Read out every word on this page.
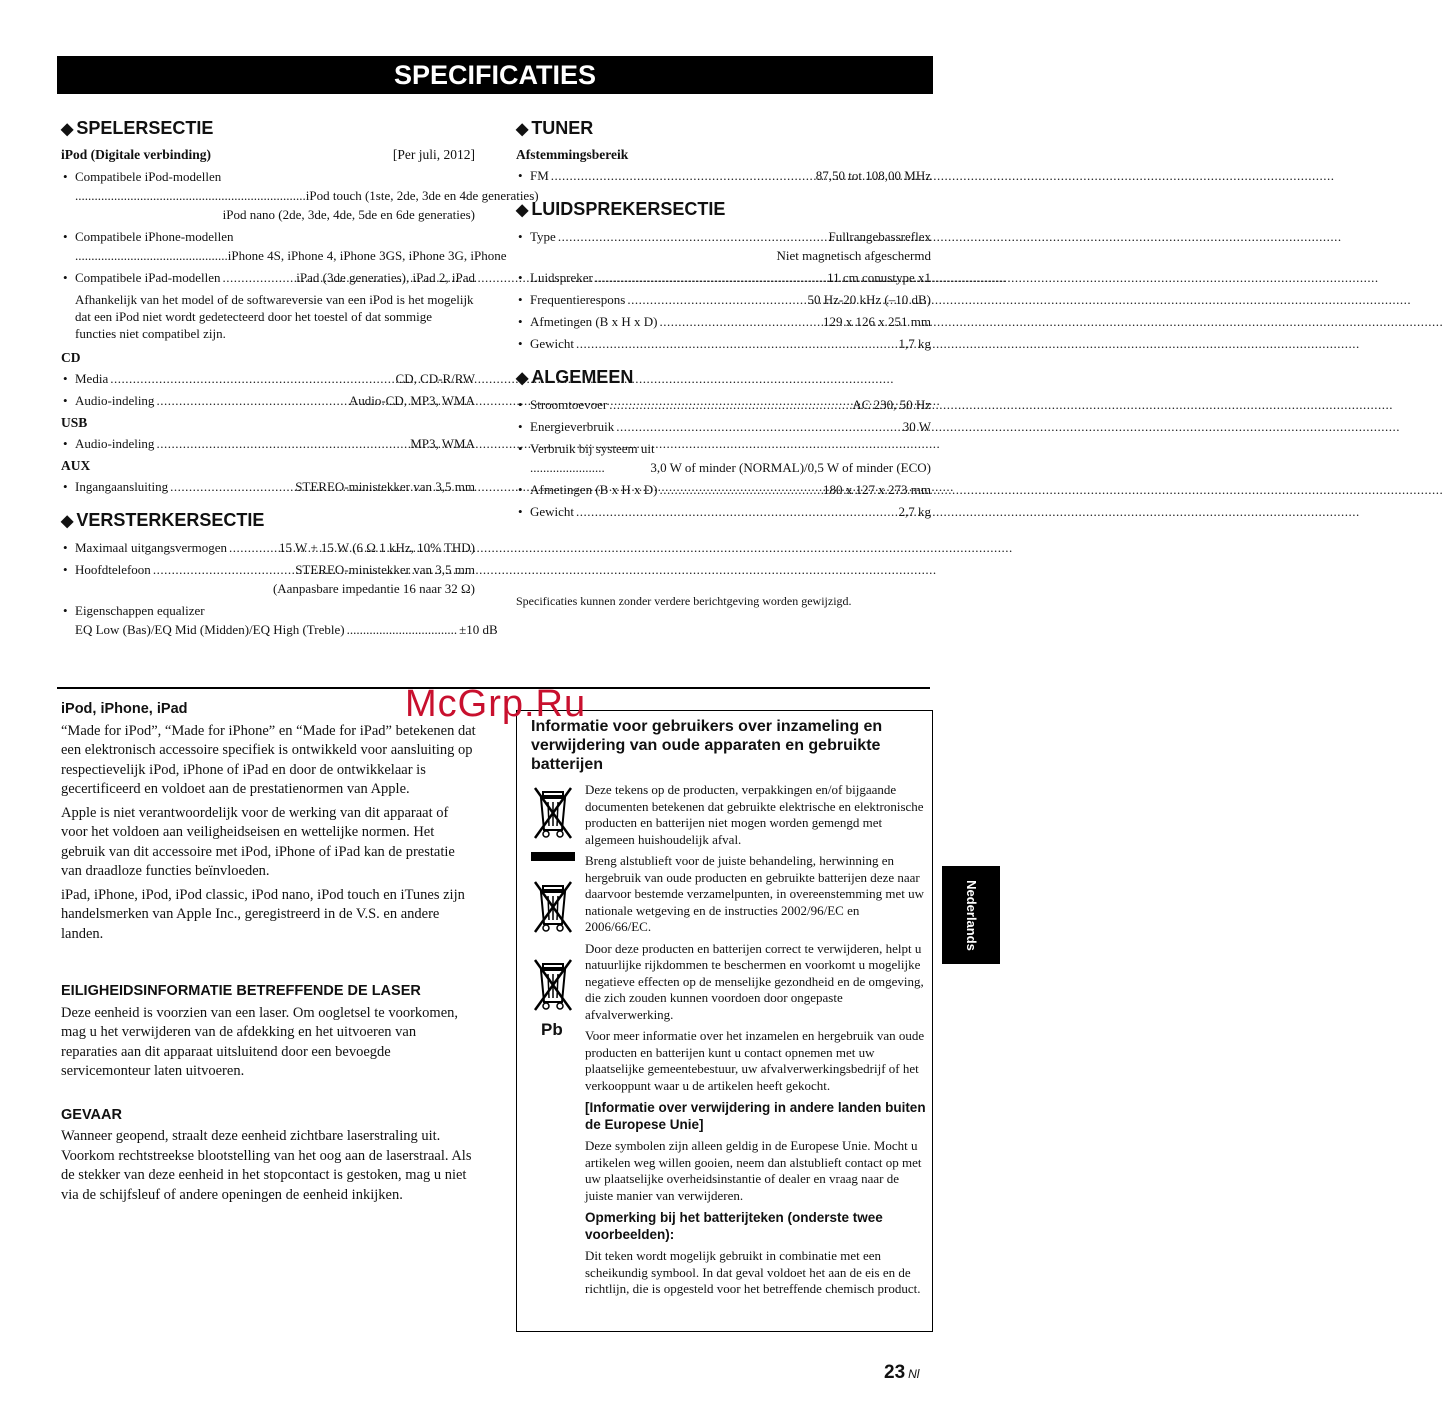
SPECIFICATIES
◆ SPELERSECTIE
iPod (Digitale verbinding)	[Per juli, 2012]
• Compatibele iPod-modellen
....................................................................... iPod touch (1ste, 2de, 3de en 4de generaties)
iPod nano (2de, 3de, 4de, 5de en 6de generaties)
• Compatibele iPhone-modellen
............................................... iPhone 4S, iPhone 4, iPhone 3GS, iPhone 3G, iPhone
• Compatibele iPad-modellen .....	iPad (3de generaties), iPad 2, iPad
Afhankelijk van het model of de softwareversie van een iPod is het mogelijk dat een iPod niet wordt gedetecteerd door het toestel of dat sommige functies niet compatibel zijn.
CD
• Media .....	CD, CD-R/RW
• Audio-indeling .....	Audio-CD, MP3, WMA
USB
• Audio-indeling .....	MP3, WMA
AUX
• Ingangaansluiting .....	STEREO-ministekker van 3,5 mm
◆ VERSTERKERSECTIE
• Maximaal uitgangsvermogen .....	15 W + 15 W (6 Ω 1 kHz, 10% THD)
• Hoofdtelefoon .....	STEREO-ministekker van 3,5 mm
(Aanpasbare impedantie 16 naar 32 Ω)
• Eigenschappen equalizer
EQ Low (Bas)/EQ Mid (Midden)/EQ High (Treble) .................................. ±10 dB
◆ TUNER
Afstemmingsbereik
• FM .....	87,50 tot 108,00 MHz
◆ LUIDSPREKERSECTIE
• Type .....	Fullrangebassreflex
Niet magnetisch afgeschermd
• Luidspreker .....	11 cm conustype x1
• Frequentierespons .....	50 Hz-20 kHz (–10 dB)
• Afmetingen (B x H x D) .....	129 x 126 x 251 mm
• Gewicht .....	1,7 kg
◆ ALGEMEEN
• Stroomtoevoer .....	AC 230, 50 Hz
• Energieverbruik .....	30 W
• Verbruik bij systeem uit
.......................	3,0 W of minder (NORMAL)/0,5 W of minder (ECO)
• Afmetingen (B x H x D) .....	180 x 127 x 273 mm
• Gewicht .....	2,7 kg
Specificaties kunnen zonder verdere berichtgeving worden gewijzigd.
iPod, iPhone, iPad

“Made for iPod”, “Made for iPhone” en “Made for iPad” betekenen dat een elektronisch accessoire specifiek is ontwikkeld voor aansluiting op respectievelijk iPod, iPhone of iPad en door de ontwikkelaar is gecertificeerd en voldoet aan de prestatienormen van Apple.

Apple is niet verantwoordelijk voor de werking van dit apparaat of voor het voldoen aan veiligheidseisen en wettelijke normen. Het gebruik van dit accessoire met iPod, iPhone of iPad kan de prestatie van draadloze functies beïnvloeden.

iPad, iPhone, iPod, iPod classic, iPod nano, iPod touch en iTunes zijn handelsmerken van Apple Inc., geregistreerd in de V.S. en andere landen.

EILIGHEIDSINFORMATIE BETREFFENDE DE LASER

Deze eenheid is voorzien van een laser. Om oogletsel te voorkomen, mag u het verwijderen van de afdekking en het uitvoeren van reparaties aan dit apparaat uitsluitend door een bevoegde servicemonteur laten uitvoeren.

GEVAAR

Wanneer geopend, straalt deze eenheid zichtbare laserstraling uit. Voorkom rechtstreekse blootstelling van het oog aan de laserstraal. Als de stekker van deze eenheid in het stopcontact is gestoken, mag u niet via de schijfsleuf of andere openingen de eenheid inkijken.

Informatie voor gebruikers over inzameling en verwijdering van oude apparaten en gebruikte batterijen
Pb

Deze tekens op de producten, verpakkingen en/of bijgaande documenten betekenen dat gebruikte elektrische en elektronische producten en batterijen niet mogen worden gemengd met algemeen huishoudelijk afval.

Breng alstublieft voor de juiste behandeling, herwinning en hergebruik van oude producten en gebruikte batterijen deze naar daarvoor bestemde verzamelpunten, in overeenstemming met uw nationale wetgeving en de instructies 2002/96/EC en 2006/66/EC.

Door deze producten en batterijen correct te verwijderen, helpt u natuurlijke rijkdommen te beschermen en voorkomt u mogelijke negatieve effecten op de menselijke gezondheid en de omgeving, die zich zouden kunnen voordoen door ongepaste afvalverwerking.

Voor meer informatie over het inzamelen en hergebruik van oude producten en batterijen kunt u contact opnemen met uw plaatselijke gemeentebestuur, uw afvalverwerkingsbedrijf of het verkooppunt waar u de artikelen heeft gekocht.

[Informatie over verwijdering in andere landen buiten de Europese Unie]

Deze symbolen zijn alleen geldig in de Europese Unie. Mocht u artikelen weg willen gooien, neem dan alstublieft contact op met uw plaatselijke overheidsinstantie of dealer en vraag naar de juiste manier van verwijderen.

Opmerking bij het batterijteken (onderste twee voorbeelden):

Dit teken wordt mogelijk gebruikt in combinatie met een scheikundig symbool. In dat geval voldoet het aan de eis en de richtlijn, die is opgesteld voor het betreffende chemisch product.

McGrp.Ru
Nederlands
23 Nl
